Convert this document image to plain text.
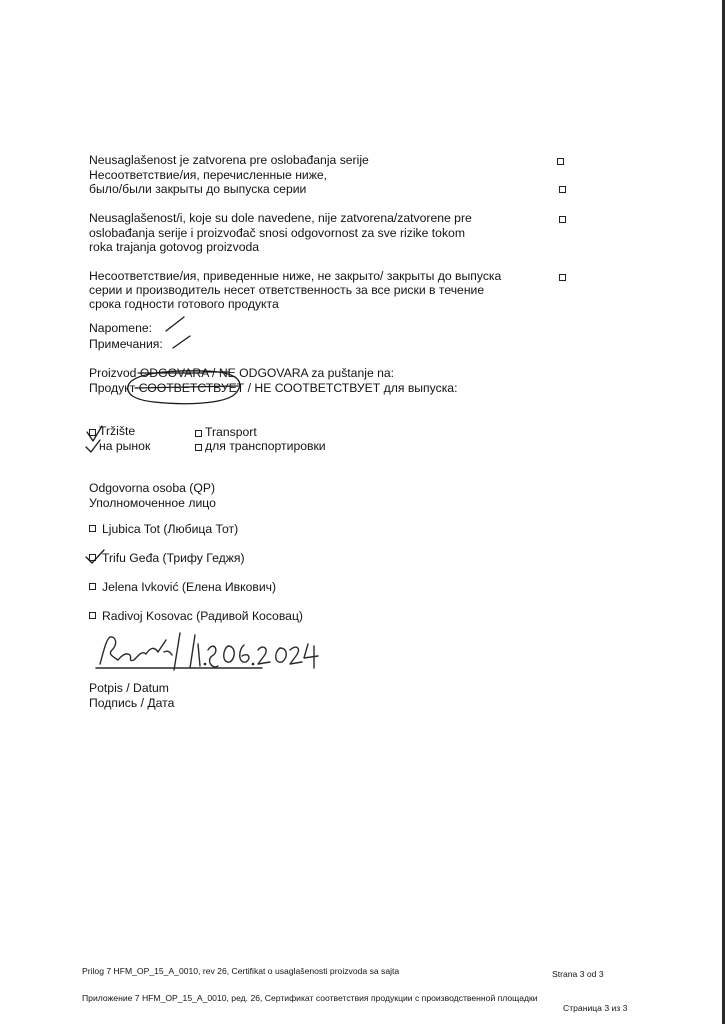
Neusaglašenost je zatvorena pre oslobađanja serije
Несоответствие/ия, перечисленные ниже,
было/были закрыты до выпуска серии
Neusaglašenost/i, koje su dole navedene, nije zatvorena/zatvorene pre
oslobađanja serije i proizvođač snosi odgovornost za sve rizike tokom
roka trajanja gotovog proizvoda
Несоответствие/ия, приведенные ниже, не закрыто/ закрыты до выпуска
серии и производитель несет ответственность за все риски в течение
срока годности готового продукта
Napomene:
Примечания:
Proizvod ODGOVARA / NE ODGOVARA za puštanje na:
Продукт СООТВЕТСТВУЕТ / НЕ СООТВЕТСТВУЕТ для выпуска:
Tržište
на рынок
Transport
для транспортировки
Odgovorna osoba (QP)
Уполномоченное лицо
Ljubica Tot (Любица Тот)
Trifu Geđa (Трифу Геджя)
Jelena Ivković (Елена Ивкович)
Radivoj Kosovac (Радивой Косовац)
Potpis / Datum
Подпись / Дата
Prilog 7 HFM_OP_15_A_0010, rev 26, Certifikat o usaglašenosti proizvoda sa sajta	Strana 3 od 3
Приложение 7 HFM_OP_15_A_0010, ред. 26, Сертификат соответствия продукции с производственной площадки
Страница 3 из 3
